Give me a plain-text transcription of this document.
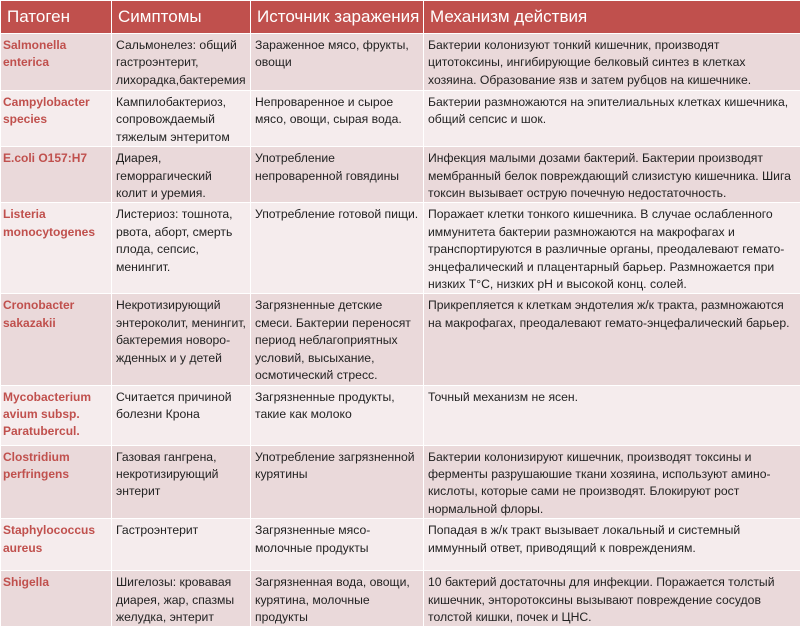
Патоген	Симптомы	Источник заражения	Механизм действия
Salmonella enterica	Сальмонелез: общий гастроэнтерит, лихорадка,бактеремия	Зараженное мясо, фрукты, овощи	Бактерии колонизуют тонкий кишечник, производят цитотоксины, ингибирующие белковый синтез в клетках хозяина. Образование язв и затем рубцов на кишечнике.
Campylobacter species	Кампилобактериоз, сопровождаемый тяжелым энтеритом	Непроваренное и сырое мясо, овощи, сырая вода.	Бактерии размножаются на эпителиальных клетках кишечника, общий сепсис и шок.
E.coli O157:H7	Диарея, геморрагический колит и уремия.	Употребление непроваренной говядины	Инфекция малыми дозами бактерий. Бактерии производят мембранный белок повреждающий слизистую кишечника. Шига токсин вызывает острую почечную недостаточность.
Listeria monocytogenes	Листериоз: тошнота, рвота, аборт, смерть плода, сепсис, менингит.	Употребление готовой пищи.	Поражает клетки тонкого кишечника. В случае ослабленного иммунитета бактерии размножаются на макрофагах и транспортируются в различные органы, преодалевают гемато-энцефалический и плацентарный барьер. Размножается при низких T°C, низких pH и высокой конц. солей.
Cronobacter sakazakii	Некротизирующий энтероколит, менингит, бактеремия новоро-жденных и у детей	Загрязненные детские смеси. Бактерии переносят период неблагоприятных условий, высыхание, осмотический стресс.	Прикрепляется к клеткам эндотелия ж/к тракта, размножаются на макрофагах, преодалевают гемато-энцефалический барьер.
Mycobacterium avium subsp. Paratubercul.	Считается причиной болезни Крона	Загрязненные продукты, такие как молоко	Точный механизм не ясен.
Clostridium perfringens	Газовая гангрена, некротизирующий энтерит	Употребление загрязненной курятины	Бактерии колонизируют кишечник, производят токсины и ферменты разрушаюшие ткани хозяина, используют амино-кислоты, которые сами не производят. Блокируют рост нормальной флоры.
Staphylococcus aureus	Гастроэнтерит	Загрязненные мясо-молочные продукты	Попадая в ж/к тракт вызывает локальный и системный иммунный ответ, приводящий к повреждениям.
Shigella	Шигелозы: кровавая диарея, жар, спазмы желудка, энтерит	Загрязненная вода, овощи, курятина, молочные продукты	10 бактерий достаточны для инфекции. Поражается толстый кишечник, энторотоксины вызывают повреждение сосудов толстой кишки, почек и ЦНС.
